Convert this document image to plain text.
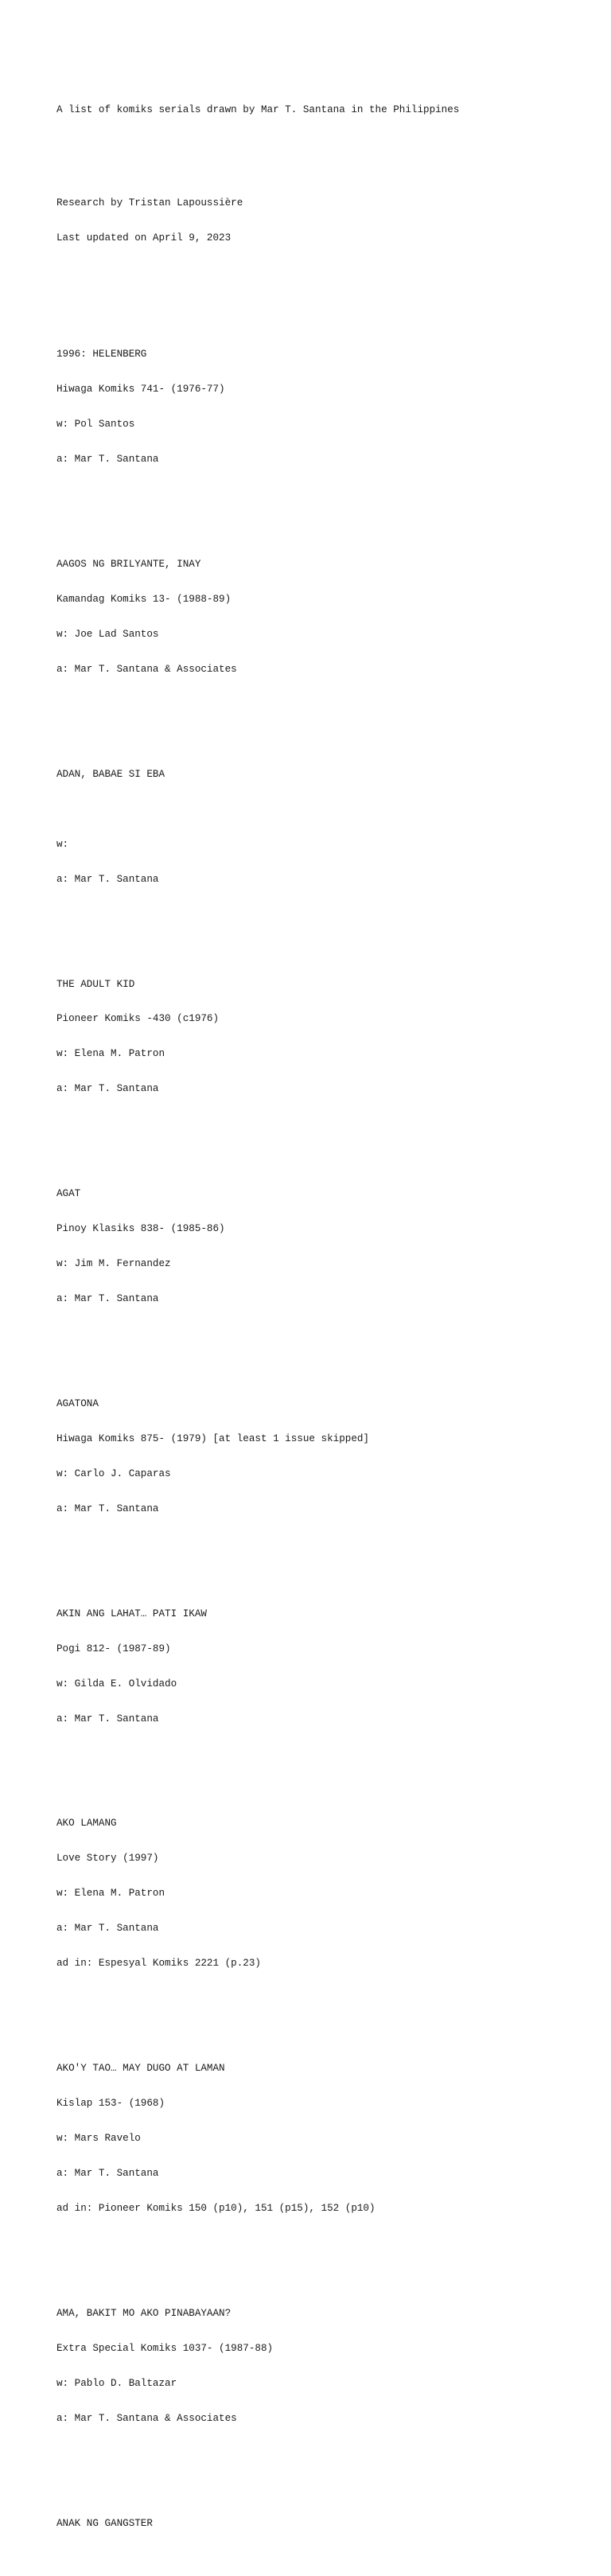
A list of komiks serials drawn by Mar T. Santana in the Philippines

Research by Tristan Lapoussière

Last updated on April 9, 2023

1996: HELENBERG

Hiwaga Komiks 741- (1976-77)

w: Pol Santos

a: Mar T. Santana

AAGOS NG BRILYANTE, INAY

Kamandag Komiks 13- (1988-89)

w: Joe Lad Santos

a: Mar T. Santana & Associates

ADAN, BABAE SI EBA

w:

a: Mar T. Santana

THE ADULT KID

Pioneer Komiks -430 (c1976)

w: Elena M. Patron

a: Mar T. Santana

AGAT

Pinoy Klasiks 838- (1985-86)

w: Jim M. Fernandez

a: Mar T. Santana

AGATONA

Hiwaga Komiks 875- (1979) [at least 1 issue skipped]

w: Carlo J. Caparas

a: Mar T. Santana

AKIN ANG LAHAT… PATI IKAW

Pogi 812- (1987-89)

w: Gilda E. Olvidado

a: Mar T. Santana

AKO LAMANG

Love Story (1997)

w: Elena M. Patron

a: Mar T. Santana

ad in: Espesyal Komiks 2221 (p.23)

AKO'Y TAO… MAY DUGO AT LAMAN

Kislap 153- (1968)

w: Mars Ravelo

a: Mar T. Santana

ad in: Pioneer Komiks 150 (p10), 151 (p15), 152 (p10)

AMA, BAKIT MO AKO PINABAYAAN?

Extra Special Komiks 1037- (1987-88)

w: Pablo D. Baltazar

a: Mar T. Santana & Associates

ANAK NG GANGSTER
